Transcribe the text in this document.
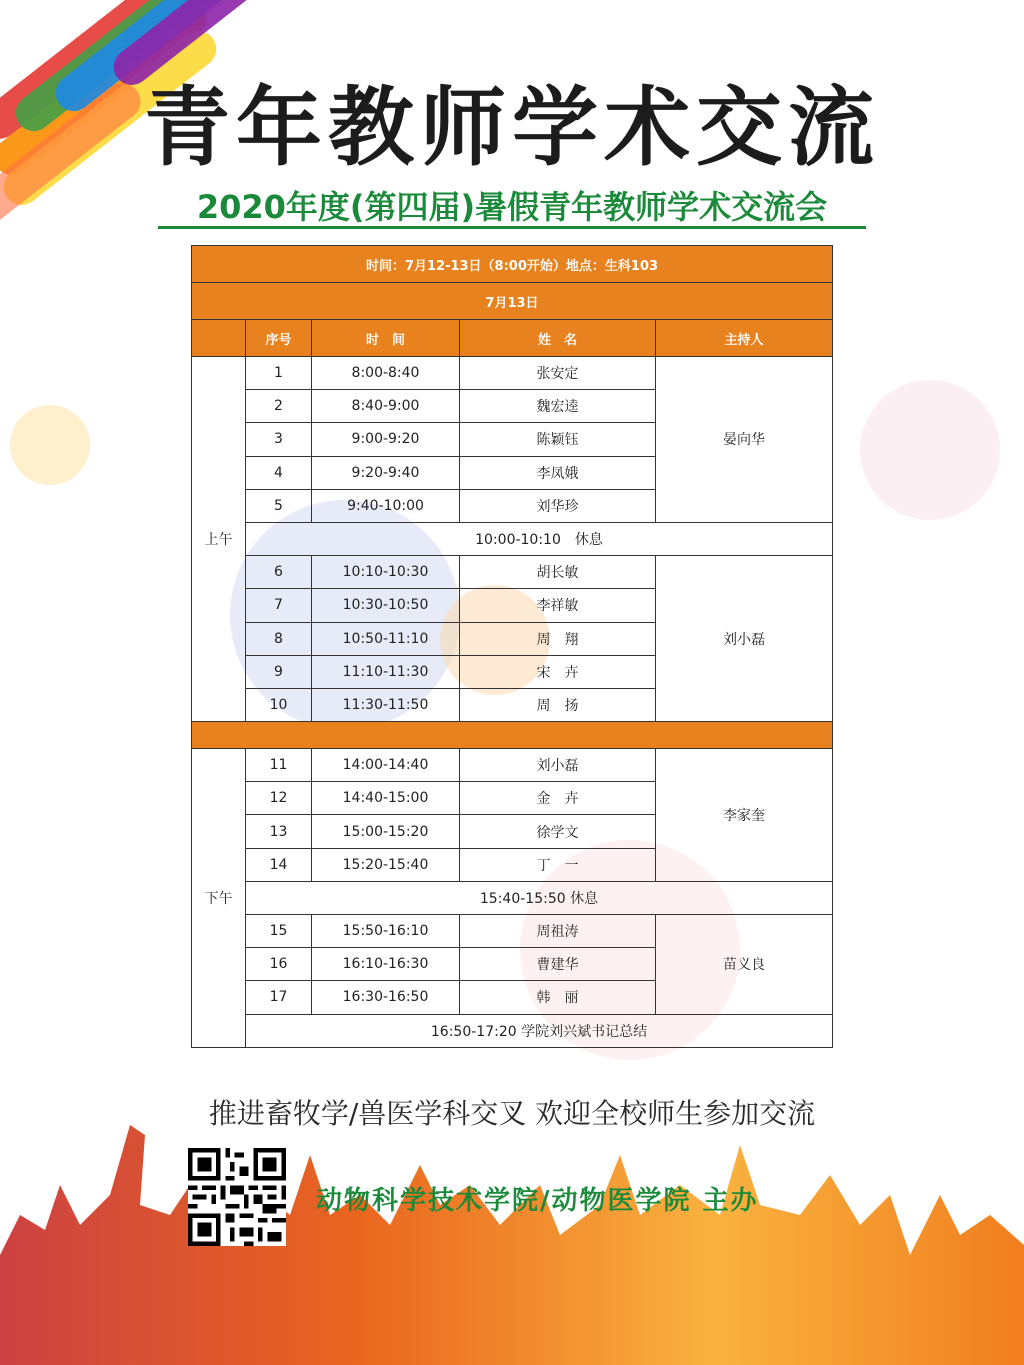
青年教师学术交流
2020年度(第四届)暑假青年教师学术交流会
时间：7月12-13日（8:00开始）地点：生科103				
7月13日				
	序号	时　间	姓　名	主持人
上午	1	8:00-8:40	张安定	晏向华
	2	8:40-9:00	魏宏逵	
	3	9:00-9:20	陈颖钰	
	4	9:20-9:40	李凤娥	
	5	9:40-10:00	刘华珍	
	10:00-10:10　休息			
	6	10:10-10:30	胡长敏	刘小磊
	7	10:30-10:50	李祥敏	
	8	10:50-11:10	周　翔	
	9	11:10-11:30	宋　卉	
	10	11:30-11:50	周　扬	

下午	11	14:00-14:40	刘小磊	李家奎
	12	14:40-15:00	金　卉	
	13	15:00-15:20	徐学文	
	14	15:20-15:40	丁　一	
	15:40-15:50 休息			
	15	15:50-16:10	周祖涛	苗义良
	16	16:10-16:30	曹建华	
	17	16:30-16:50	韩　丽	
	16:50-17:20 学院刘兴斌书记总结			
推进畜牧学/兽医学科交叉 欢迎全校师生参加交流
动物科学技术学院/动物医学院 主办
